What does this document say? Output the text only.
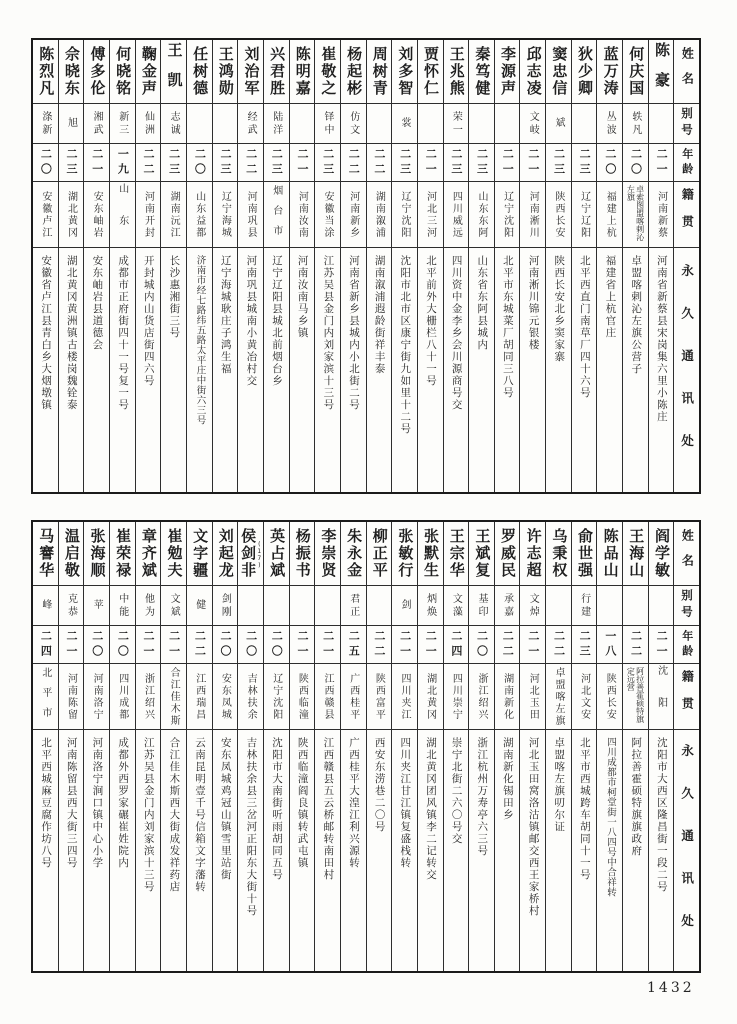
陈烈凡
涤新
二〇
安徽卢江
安徽省卢江县青白乡大烟墩镇
佘晓东
旭
二三
湖北黄冈
湖北黄冈黄洲镇古楼岗魏铨泰
傅多伦
湘武
二一
安东岫岩
安东岫岩县道德会
何晓铭
新三
一九
山东
成都市正府街四十一号复一号
鞠金声
仙洲
二二
河南开封
开封城内山货店街四六号
王凯
志诚
二三
湖南沅江
长沙惠湘街三号
任树德
二〇
山东益都
济南市经七路纬五路太平庄中街六三号
王鸿勋
二三
辽宁海城
辽宁海城耿庄子鸿生福
刘治军
经武
二二
河南巩县
河南巩县城南小黄冶村交
兴君胜
陆洋
二三
烟台市
辽宁辽阳县城北前烟台乡
陈明嘉
二一
河南汝南
河南汝南马乡镇
崔敬之
铎中
二三
安徽当涂
江苏吴县金门内刘家滨十三号
杨起彬
仿文
二二
河南新乡
河南省新乡县城内小北街二号
周树青
二二
湖南溆浦
湖南溆浦遐龄街祥丰泰
刘多智
裳
二三
辽宁沈阳
沈阳市北市区康宁街九如里十二号
贾怀仁
二一
河北三河
北平前外大栅栏八十一号
王兆熊
荣一
二三
四川威远
四川资中金李乡会川源商号交
秦笃健
二三
山东东阿
山东省东阿县城内
李源声
二一
辽宁沈阳
北平市东城菜厂胡同三八号
邱志凌
文岐
二一
河南淅川
河南淅川锦元银楼
窦忠信
斌
二三
陕西长安
陕西长安北乡窦家寨
狄少卿
二三
辽宁辽阳
北平西直门南草厂四十六号
蓝万涛
丛波
二〇
福建上杭
福建省上杭官庄
何庆国
轶凡
二〇
卓索图盟喀剌沁左旗
卓盟喀剌沁左旗公营子
陈豪
二一
河南新蔡
河南省新蔡县宋岗集六里小陈庄
姓名
别号
年龄
籍贯
永久通讯处
马謇华
峰
二四
北平市
北平西城麻豆腐作坊八号
温启敬
克恭
二一
河南陈留
河南陈留县西大街三四号
张海顺
苹
二〇
河南洛宁
河南洛宁涧口镇中心小学
崔荣禄
中能
二〇
四川成都
成都外西罗家碾崔姓院内
章齐斌
他为
二一
浙江绍兴
江苏吴县金门内刘家滨十三号
崔勉夫
文斌
二一
合江佳木斯
合江佳木斯西大街成发祥药店
文字疆
健
二二
江西瑞昌
云南昆明壹千号信箱文字藩转
刘起龙
剑刚
二〇
安东凤城
安东凤城鸡冠山镇雪里站街
侯剑非
(17)
二〇
吉林扶余
吉林扶余县三岔河正阳东大街十号
英占斌
二〇
辽宁沈阳
沈阳市大南街听雨胡同五号
杨振书
二一
陕西临潼
陕西临潼阎良镇转武屯镇
李崇贤
二一
江西赣县
江西赣县五云桥邮转南田村
朱永金
君正
二五
广西桂平
广西桂平大湟江利兴源转
柳正平
二二
陕西富平
西安东涝巷二〇号
张敏行
剑
二一
四川夹江
四川夹江甘江镇复盛栈转
张默生
炳焕
二一
湖北黄冈
湖北黄冈团风镇李二记转交
王宗华
文藻
二四
四川崇宁
崇宁北街二六〇号交
王斌复
基印
二〇
浙江绍兴
浙江杭州万寿亭六三号
罗威民
承嘉
二二
湖南新化
湖南新化锡田乡
许志超
文焯
二一
河北玉田
河北玉田窝洛沽镇邮交西王家桥村
乌秉权
二二
卓盟喀左旗
卓盟喀左旗叨尔证
俞世强
行建
二三
河北文安
北平市西城跨车胡同十一号
陈品山
一八
陕西长安
四川成都市柯堂街一八四号中合祥转
王海山
二二
阿拉善霍硕特旗定远营
阿拉善霍硕特旗旗政府
阎学敏
二一
沈阳
沈阳市大西区隆昌街一段二号
姓名
别号
年龄
籍贯
永久通讯处
1432
